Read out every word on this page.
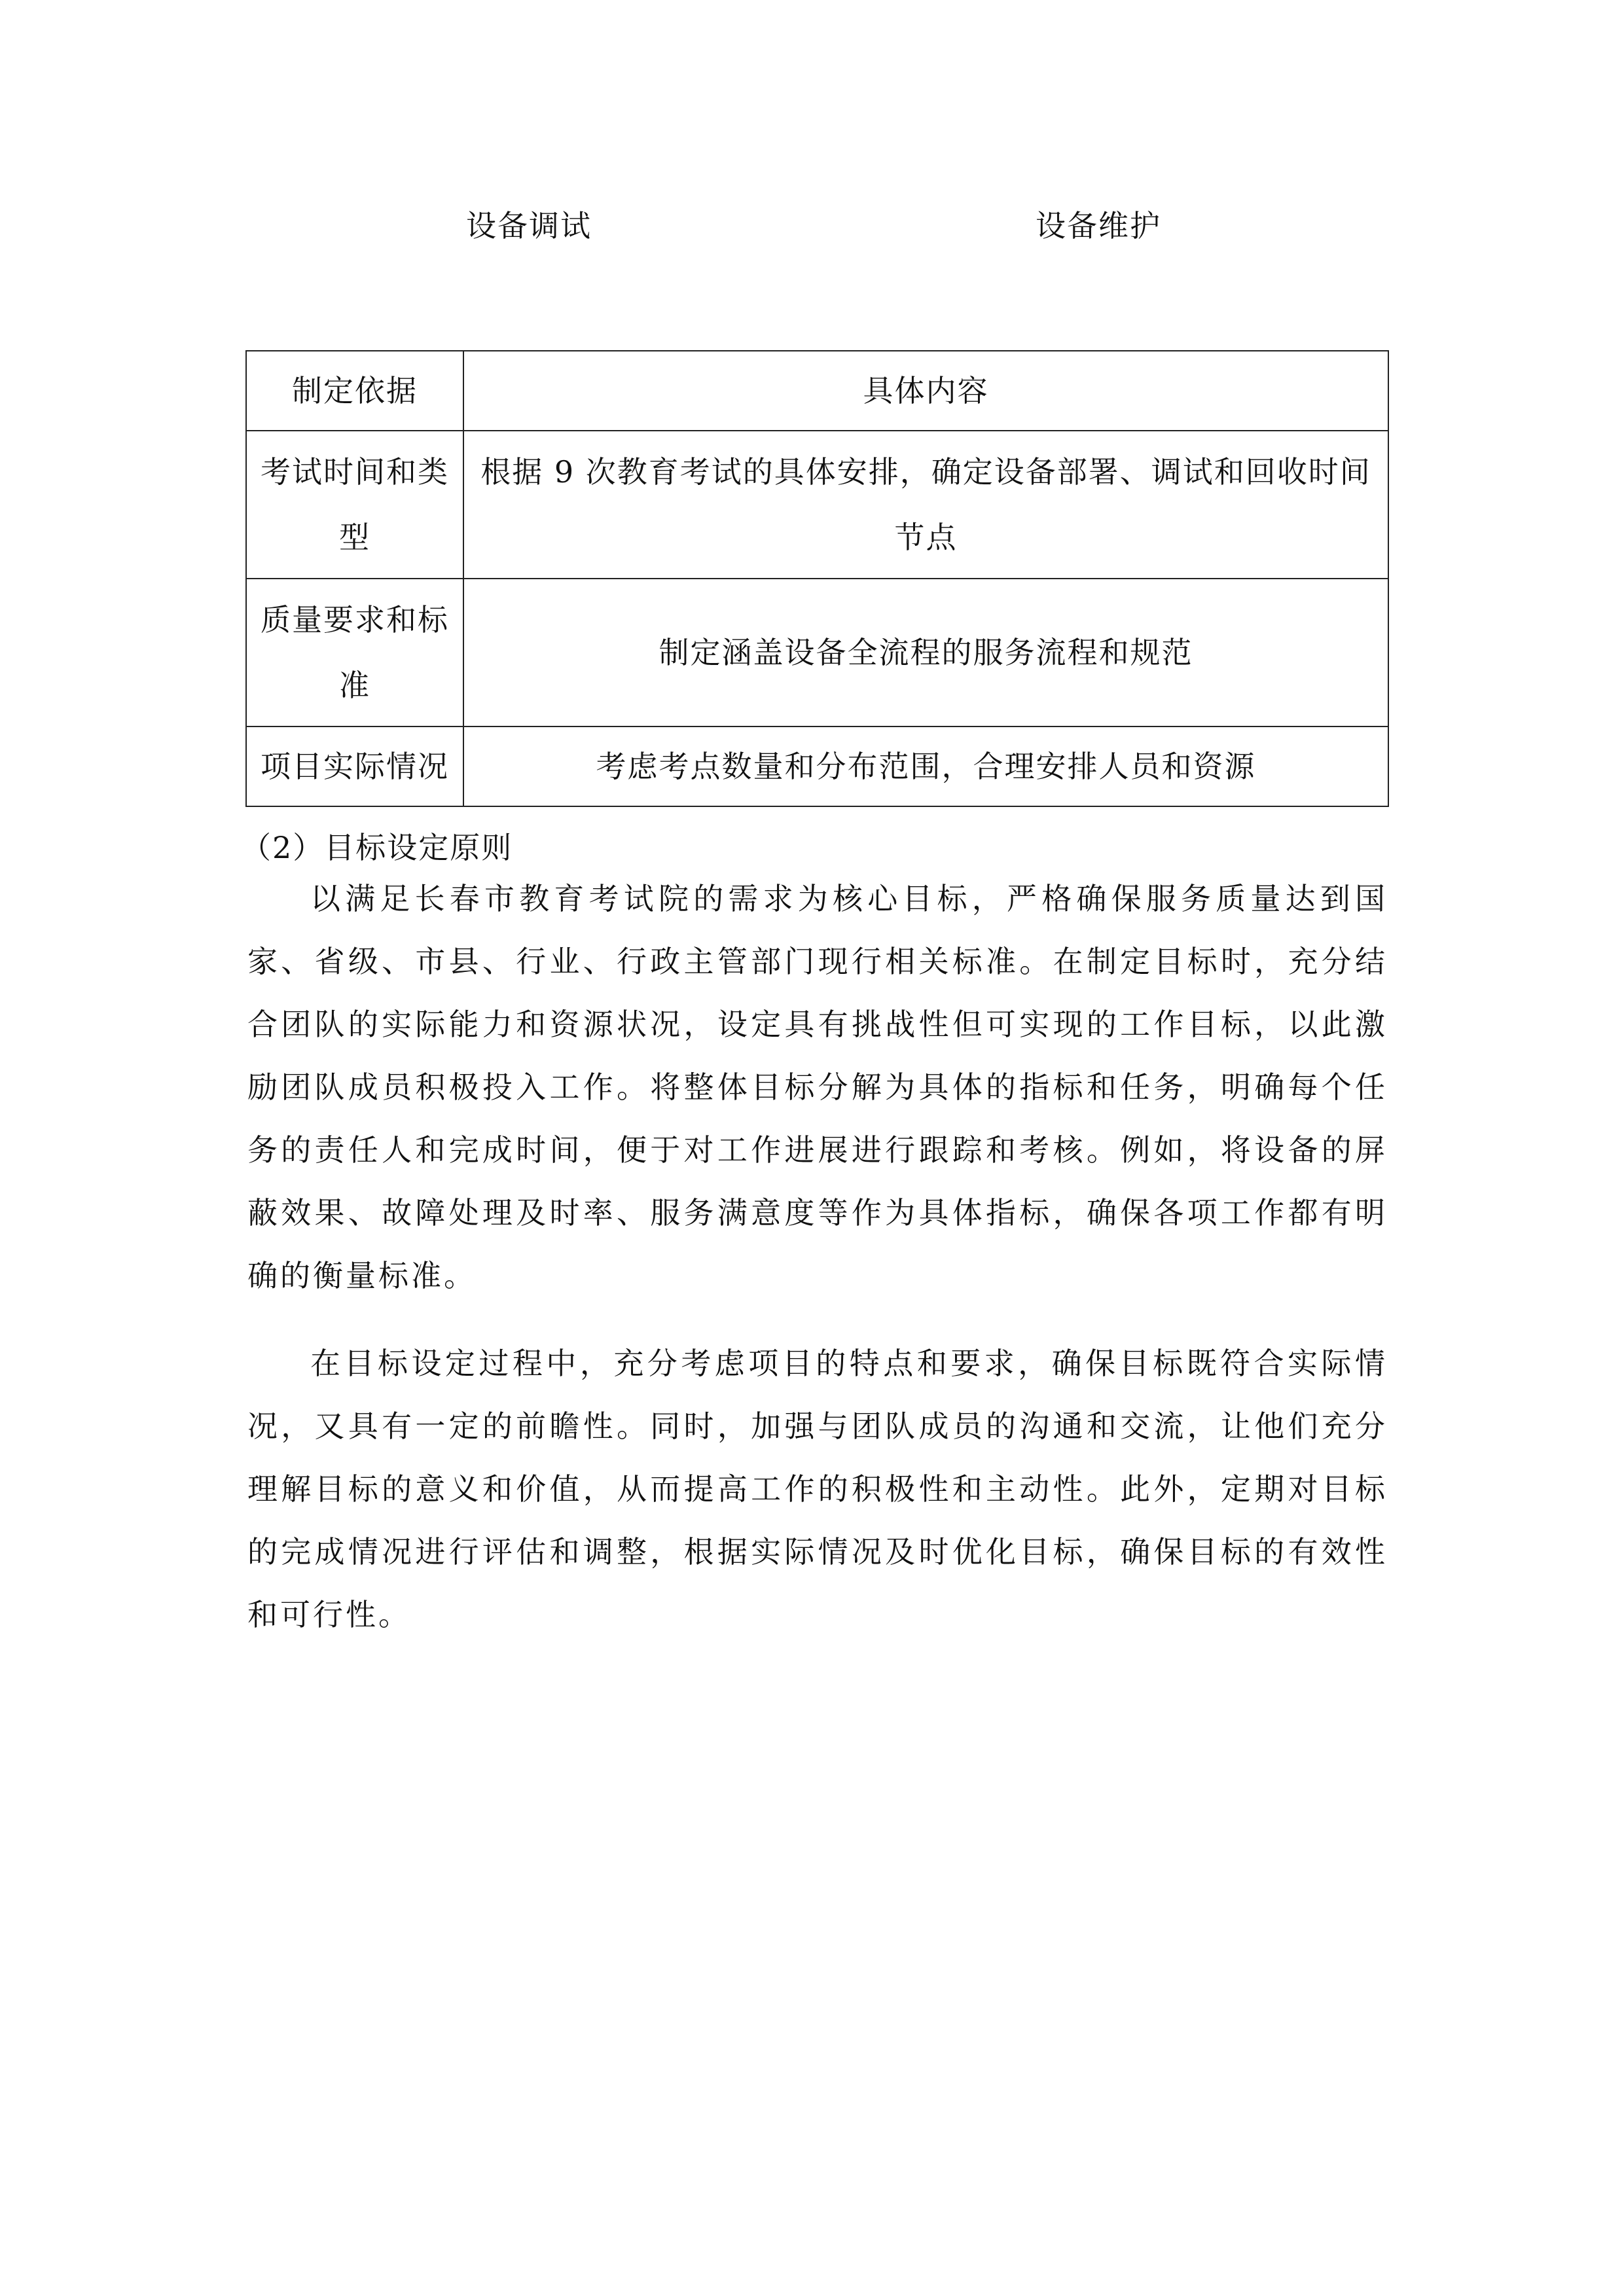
设备调试	设备维护
制定依据	具体内容
考试时间和类型	根据 9 次教育考试的具体安排，确定设备部署、调试和回收时间节点
质量要求和标准	制定涵盖设备全流程的服务流程和规范
项目实际情况	考虑考点数量和分布范围，合理安排人员和资源
（2）目标设定原则

以满足长春市教育考试院的需求为核心目标，严格确保服务质量达到国家、省级、市县、行业、行政主管部门现行相关标准。在制定目标时，充分结合团队的实际能力和资源状况，设定具有挑战性但可实现的工作目标，以此激励团队成员积极投入工作。将整体目标分解为具体的指标和任务，明确每个任务的责任人和完成时间，便于对工作进展进行跟踪和考核。例如，将设备的屏蔽效果、故障处理及时率、服务满意度等作为具体指标，确保各项工作都有明确的衡量标准。

在目标设定过程中，充分考虑项目的特点和要求，确保目标既符合实际情况，又具有一定的前瞻性。同时，加强与团队成员的沟通和交流，让他们充分理解目标的意义和价值，从而提高工作的积极性和主动性。此外，定期对目标的完成情况进行评估和调整，根据实际情况及时优化目标，确保目标的有效性和可行性。
